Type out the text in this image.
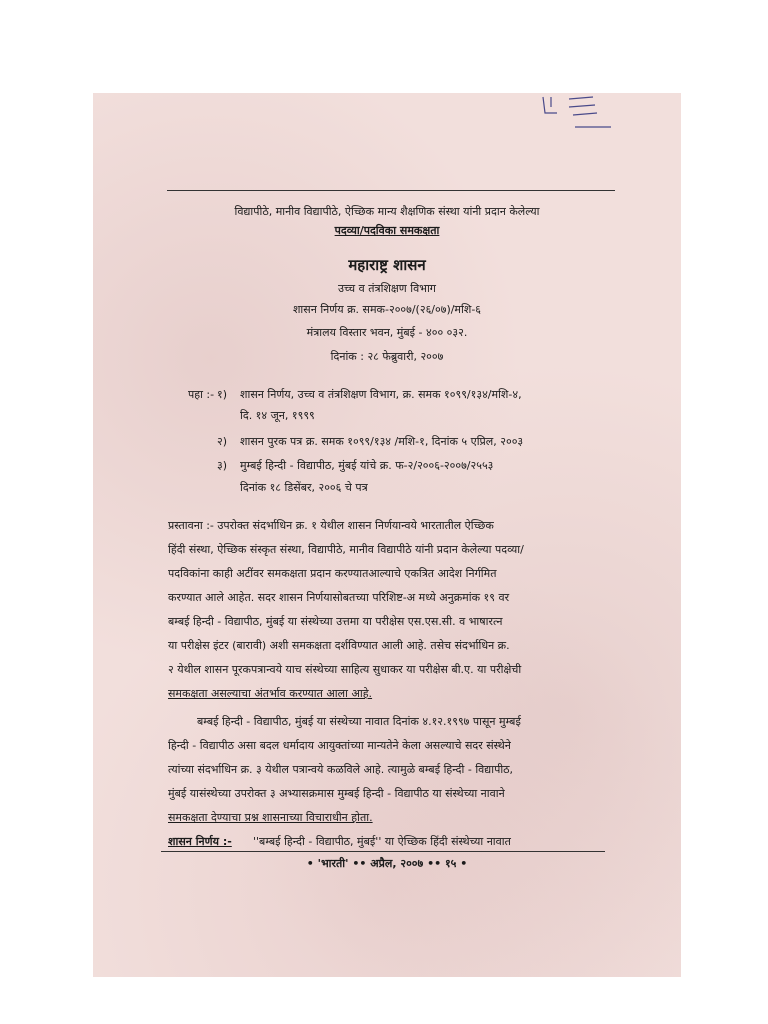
विद्यापीठे, मानीव विद्यापीठे, ऐच्छिक मान्य शैक्षणिक संस्था यांनी प्रदान केलेल्या
पदव्या/पदविका समकक्षता
महाराष्ट्र शासन
उच्च व तंत्रशिक्षण विभाग
शासन निर्णय क्र. समक-२००७/(२६/०७)/मशि-६
मंत्रालय विस्तार भवन, मुंबई - ४०० ०३२.
दिनांक : २८ फेब्रुवारी, २००७
पहा :- १) शासन निर्णय, उच्च व तंत्रशिक्षण विभाग, क्र. समक १०९९/१३४/मशि-४,
दि. १४ जून, १९९९
२) शासन पुरक पत्र क्र. समक १०९९/१३४ /मशि-१, दिनांक ५ एप्रिल, २००३
३) मुम्बई हिन्दी - विद्यापीठ, मुंबई यांचे क्र. फ-२/२००६-२००७/२५५३
दिनांक १८ डिसेंबर, २००६ चे पत्र
प्रस्तावना :- उपरोक्त संदर्भाधिन क्र. १ येथील शासन निर्णयान्वये भारतातील ऐच्छिक
हिंदी संस्था, ऐच्छिक संस्कृत संस्था, विद्यापीठे, मानीव विद्यापीठे यांनी प्रदान केलेल्या पदव्या/
पदविकांना काही अटींवर समकक्षता प्रदान करण्यातआल्याचे एकत्रित आदेश निर्गमित
करण्यात आले आहेत. सदर शासन निर्णयासोबतच्या परिशिष्ट-अ मध्ये अनुक्रमांक १९ वर
बम्बई हिन्दी - विद्यापीठ, मुंबई या संस्थेच्या उत्तमा या परीक्षेस एस.एस.सी. व भाषारत्न
या परीक्षेस इंटर (बारावी) अशी समकक्षता दर्शविण्यात आली आहे. तसेच संदर्भाधिन क्र.
२ येथील शासन पूरकपत्रान्वये याच संस्थेच्या साहित्य सुधाकर या परीक्षेस बी.ए. या परीक्षेची
समकक्षता असल्याचा अंतर्भाव करण्यात आला आहे.
बम्बई हिन्दी - विद्यापीठ, मुंबई या संस्थेच्या नावात दिनांक ४.१२.१९९७ पासून मुम्बई
हिन्दी - विद्यापीठ असा बदल धर्मादाय आयुक्तांच्या मान्यतेने केला असल्याचे सदर संस्थेने
त्यांच्या संदर्भाधिन क्र. ३ येथील पत्रान्वये कळविले आहे. त्यामुळे बम्बई हिन्दी - विद्यापीठ,
मुंबई यासंस्थेच्या उपरोक्त ३ अभ्यासक्रमास मुम्बई हिन्दी - विद्यापीठ या संस्थेच्या नावाने
समकक्षता देण्याचा प्रश्न शासनाच्या विचाराधीन होता.
शासन निर्णय :- ''बम्बई हिन्दी - विद्यापीठ, मुंबई'' या ऐच्छिक हिंदी संस्थेच्या नावात
• 'भारती' •• अप्रैल, २००७ •• १५ •
